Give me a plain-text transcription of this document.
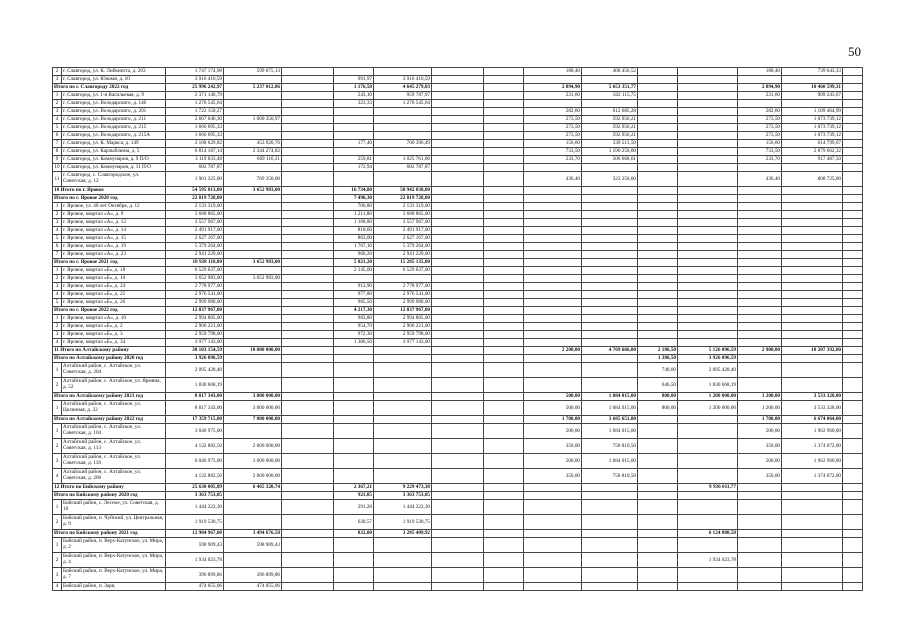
50
2	г. Славгород, ул. К. Либкнехта, д. 203	1 747 174,98	599 075,13						188,40	408 456,52			188,40	739 643,33	
3	г. Славгород, ул. Южная, д. 10	3 916 416,59			991,97	3 916 416,59									
Итого по г. Славгороду 2022 год		25 996 242,97	5 237 012,86		1 176,58	4 645 279,03			2 894,90	5 653 351,77			2 894,90	10 460 599,31	
1	г. Славгород, ул. 1-я Васильевая, д. 9	2 371 146,79			243,10	959 787,97			231,60	502 115,75			231,60	909 243,07	
2	г. Славгород, ул. Володарского, д. 146	1 276 545,64			323,33	1 276 545,64									
3	г. Славгород, ул. Володарского, д. 201	1 722 150,27							282,60	612 685,28			282,60	1 109 464,99	
4	г. Славгород, ул. Володарского, д. 211	2 667 046,30	1 000 350,97						273,50	592 956,21			273,50	1 073 739,12	
5	г. Славгород, ул. Володарского, д. 215	1 666 695,33							273,50	592 956,21			273,50	1 073 739,12	
6	г. Славгород, ул. Володарского, д. 215А	1 666 695,33							273,50	592 956,21			273,50	1 073 739,12	
7	г. Славгород, ул. К. Маркса, д. 149	2 108 629,82	453 920,76		177,40	700 396,49			156,60	339 513,50			156,60	614 799,07	
8	г. Славгород, ул. Карлыблюма, д. 5	6 814 187,14	2 344 274,82						733,50	1 590 250,00			733,50	2 879 662,32	
9	г. Славгород, ул. Коммунаров, д. 9 П/О	3 119 033,48	669 116,31		259,81	1 025 761,06			233,70	506 668,61			233,70	917 487,50	
10	г. Славгород, ул. Коммунаров, д. 11 П/О	682 787,87			172,94	682 787,87									
11	г. Славгород, с. Славгородское, ул. Советская, д. 12	1 901 325,00	769 350,00						436,40	323 250,00			436,40	808 725,00	
10 Итого по г. Яровое		54 595 813,00	3 652 983,00		16 734,80	50 942 830,00									
Итого по г. Яровое 2020 год		22 819 728,00			7 496,30	22 819 728,00									
1	г. Яровое, ул. 40 лет Октября, д. 12	2 133 319,00			706,80	2 133 319,00									
2	г. Яровое, квартал «А», д. 9	3 688 865,00			1 211,80	3 688 865,00									
3	г. Яровое, квартал «А», д. 12	3 557 967,00			1 168,80	3 557 967,00									
4	г. Яровое, квартал «А», д. 14	2 491 917,00			818,60	2 491 917,00									
5	г. Яровое, квартал «А», д. 15	2 627 167,00			863,00	2 627 167,00									
6	г. Яровое, квартал «А», д. 19	5 379 264,00			1 767,10	5 379 264,00									
7	г. Яровое, квартал «А», д. 23	2 941 229,00			966,20	2 941 229,00									
Итого по г. Яровое 2021 год		18 938 118,00	3 652 983,00		5 021,20	15 285 135,00									
1	г. Яровое, квартал «Б», д. 18	6 529 637,00			2 145,00	6 529 637,00									
2	г. Яровое, квартал «Б», д. 10	3 652 983,00	3 652 983,00												
3	г. Яровое, квартал «Б», д. 24	2 778 977,00			912,90	2 778 977,00									
4	г. Яровое, квартал «Б», д. 25	2 976 541,00			977,80	2 976 541,00									
5	г. Яровое, квартал «Б», д. 26	2 999 980,00			985,50	2 999 980,00									
Итого по г. Яровое 2022 год		12 837 967,00			4 217,30	12 837 967,00									
1	г. Яровое, квартал «А», д. 10	2 994 805,00			983,80	2 994 805,00									
2	г. Яровое, квартал «Б», д. 2	2 906 221,00			954,70	2 906 221,00									
3	г. Яровое, квартал «Б», д. 3	2 959 798,00			972,30	2 959 798,00									
4	г. Яровое, квартал «Б», д. 34	3 977 143,00			1 306,50	3 977 143,00									
11 Итого по Алтайскому району		30 103 154,59	10 000 000,00						2 200,00	4 769 666,00	2 186,50	5 126 096,59	2 900,00	10 207 392,00	
Итого по Алтайскому району 2020 год		3 926 096,59									1 386,50	3 926 096,59			
1	Алтайский район, с. Алтайское, ул. Советская, д. 204	2 095 428,40									740,00	2 095 428,40			
2	Алтайский район, с. Алтайское, ул. Ярмина, д. 52	1 830 668,19									646,50	1 830 668,19			
Итого по Алтайскому району 2021 год		8 817 343,00	3 000 000,00						500,00	1 084 015,00	800,00	1 200 000,00	1 200,00	3 533 328,00	
1	Алтайский район, с. Алтайское, ул. Целинная, д. 22	8 817 343,00	3 000 000,00						500,00	1 084 015,00	800,00	1 200 000,00	1 200,00	3 533 328,00	
Итого по Алтайскому району 2022 год		17 359 715,00	7 000 000,00						1 700,00	3 685 651,00			1 700,00	6 674 064,00	
1	Алтайский район, с. Алтайское, ул. Советская, д. 104	3 046 975,00							500,00	1 084 015,00			500,00	1 962 960,00	
2	Алтайский район, с. Алтайское, ул. Советская, д. 113	4 132 882,50	2 000 000,00						350,00	758 810,50			350,00	1 374 072,00	
3	Алтайский район, с. Алтайское, ул. Советская, д. 118	6 046 975,00	3 000 000,00						500,00	1 084 015,00			500,00	1 962 960,00	
4	Алтайский район, с. Алтайское, ул. Советская, д. 200	4 132 882,50	2 000 000,00						350,00	758 810,50			350,00	1 374 072,00	
12 Итого по Бийскому району		25 630 005,89	6 465 320,74		2 367,21	9 229 473,38						9 936 011,77			
Итого по Бийскому району 2020 год		3 363 753,05			921,85	3 363 753,05									
1	Бийский район, с. Лесное, ул. Советская, д. 10	1 444 222,30			291,28	1 444 222,30									
2	Бийский район, п. Чуйский, ул. Центральная, д. 9	1 919 530,75			630,57	1 919 530,75									
Итого по Бийскому району 2021 год		12 904 967,08	3 494 676,58		832,00	3 285 409,92						6 124 880,58			
1	Бийский район, п. Верх-Катунское, ул. Мира, д. 2	598 909,43	598 909,43												
2	Бийский район, п. Верх-Катунское, ул. Мира, д. 4	1 934 023,78										1 934 023,78			
3	Бийский район, п. Верх-Катунское, ул. Мира, д. 7	396 899,86	396 899,86												
4	Бийский район, п. Заря,	474 055,06	474 055,06												
